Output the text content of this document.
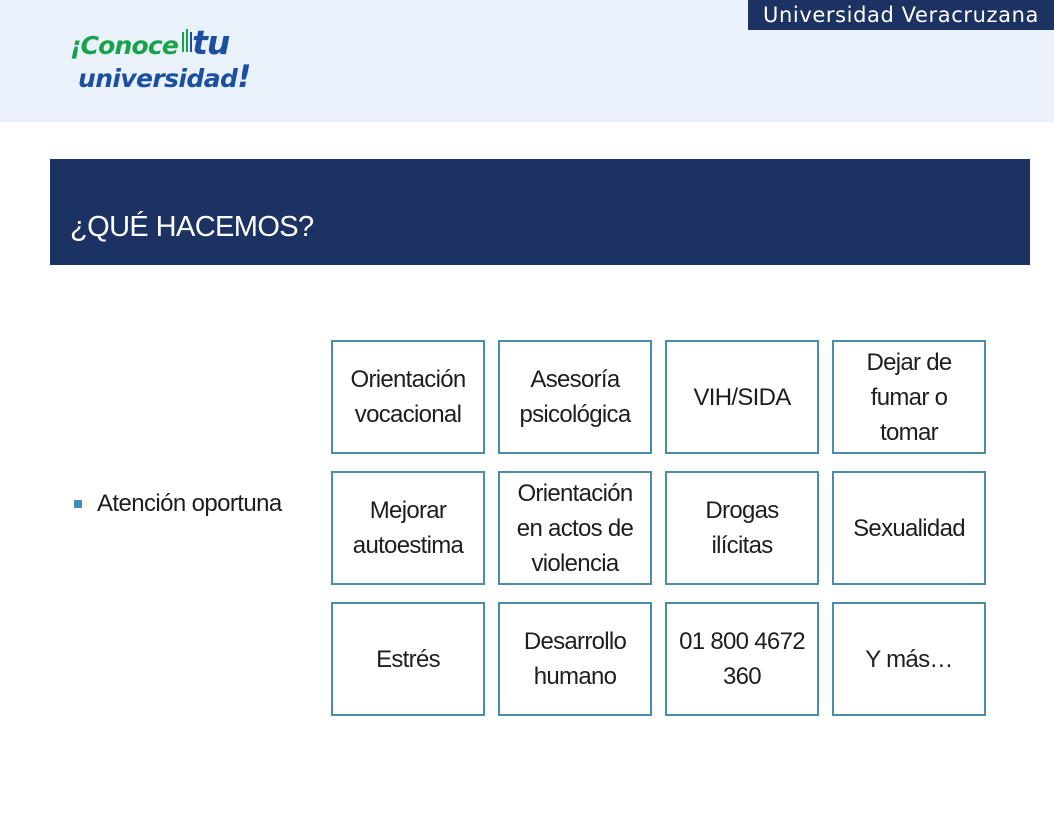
Universidad Veracruzana
¡Conoce tu
universidad!
¿QUÉ HACEMOS?
Atención oportuna
Orientación
vocacional
Asesoría
psicológica
VIH/SIDA
Dejar de
fumar o
tomar
Mejorar
autoestima
Orientación
en actos de
violencia
Drogas
ilícitas
Sexualidad
Estrés
Desarrollo
humano
01 800 4672
360
Y más…
